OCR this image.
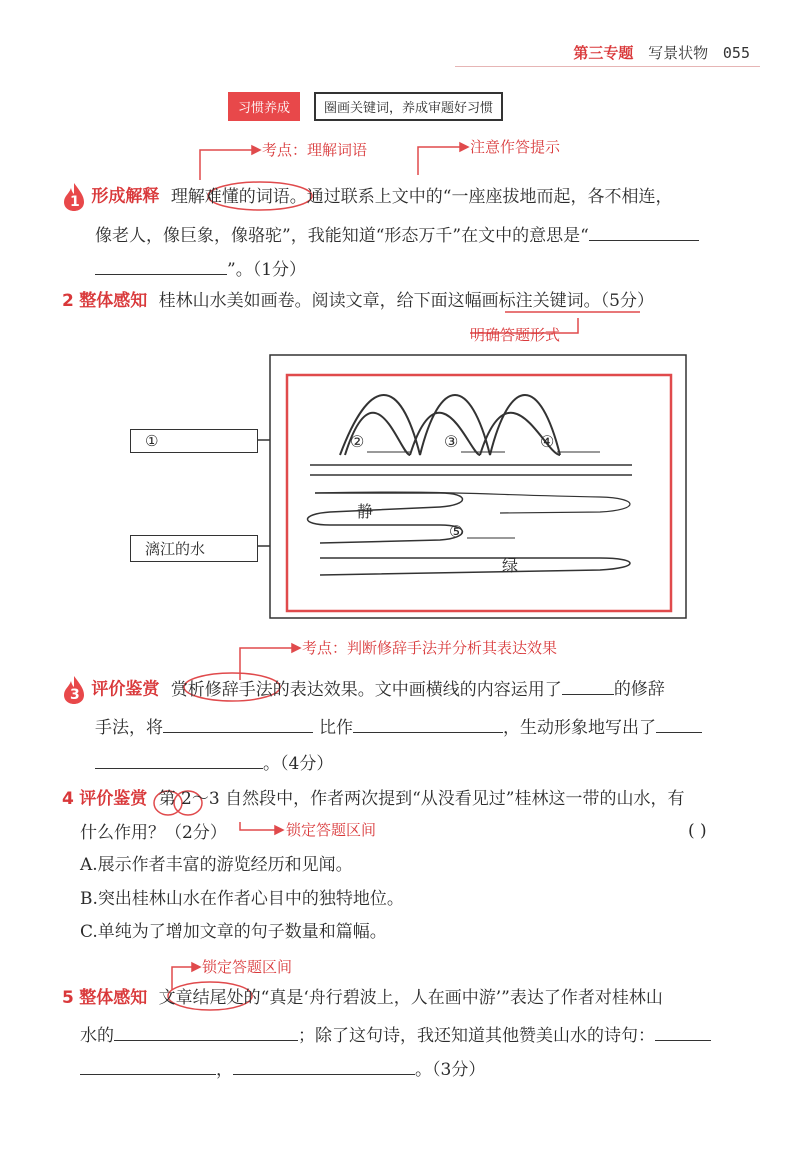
第三专题 写景状物 055
习惯养成	圈画关键词，养成审题好习惯
考点：理解词语	注意作答提示
明确答题形式
考点：判断修辞手法并分析其表达效果
锁定答题区间
锁定答题区间
1 形成解释 理解难懂的词语。通过联系上文中的“一座座拔地而起，各不相连，
像老人，像巨象，像骆驼”，我能知道“形态万千”在文中的意思是“
”。（1分）
2 整体感知 桂林山水美如画卷。阅读文章，给下面这幅画标注关键词。（5分）
①
漓江的水
②	③	④
⑤
静
绿
3 评价鉴赏 赏析修辞手法的表达效果。文中画横线的内容运用了	的修辞
手法，将	比作	，生动形象地写出了
。（4分）
4 评价鉴赏 第 2～3 自然段中，作者两次提到“从没看见过”桂林这一带的山水，有
什么作用？（2分）	( )
A.展示作者丰富的游览经历和见闻。
B.突出桂林山水在作者心目中的独特地位。
C.单纯为了增加文章的句子数量和篇幅。
5 整体感知 文章结尾处的“真是‘舟行碧波上，人在画中游’”表达了作者对桂林山
水的	；除了这句诗，我还知道其他赞美山水的诗句：
，	。（3分）
